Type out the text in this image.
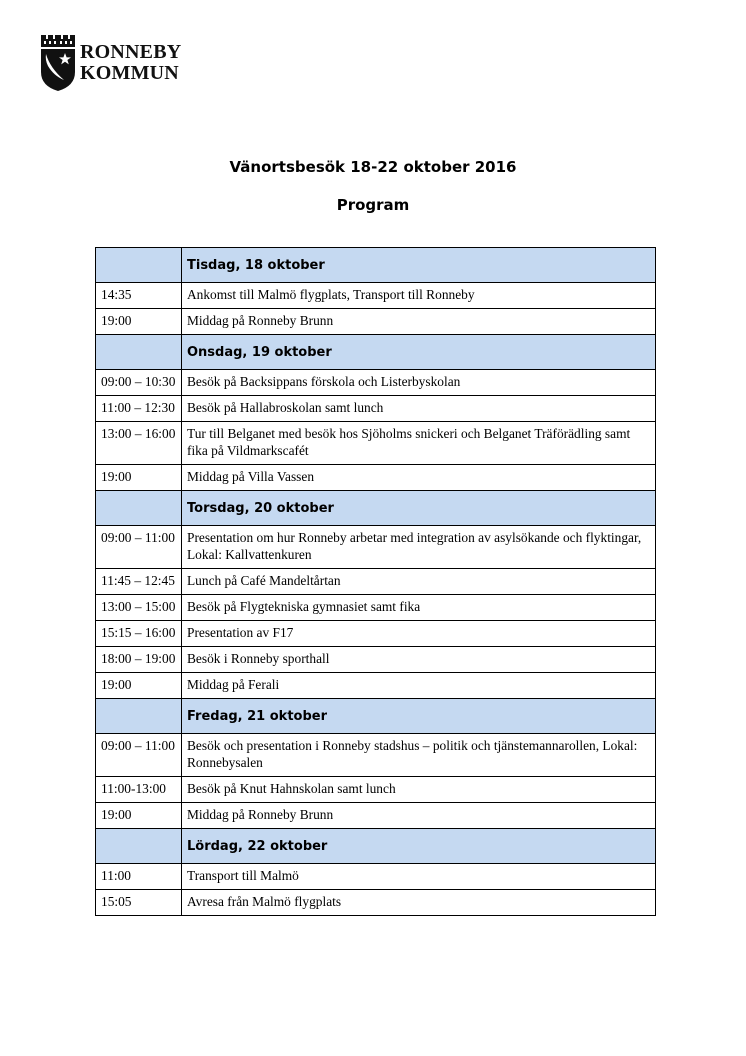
RONNEBY
KOMMUN
Vänortsbesök 18-22 oktober 2016
Program
	Tisdag, 18 oktober
14:35	Ankomst till Malmö flygplats, Transport till Ronneby
19:00	Middag på Ronneby Brunn
	Onsdag, 19 oktober
09:00 – 10:30	Besök på Backsippans förskola och Listerbyskolan
11:00 – 12:30	Besök på Hallabroskolan samt lunch
13:00 – 16:00	Tur till Belganet med besök hos Sjöholms snickeri och Belganet Träförädling samt fika på Vildmarkscafét
19:00	Middag på Villa Vassen
	Torsdag, 20 oktober
09:00 – 11:00	Presentation om hur Ronneby arbetar med integration av asylsökande och flyktingar, Lokal: Kallvattenkuren
11:45 – 12:45	Lunch på Café Mandeltårtan
13:00 – 15:00	Besök på Flygtekniska gymnasiet samt fika
15:15 – 16:00	Presentation av F17
18:00 – 19:00	Besök i Ronneby sporthall
19:00	Middag på Ferali
	Fredag, 21 oktober
09:00 – 11:00	Besök och presentation i Ronneby stadshus – politik och tjänstemannarollen, Lokal: Ronnebysalen
11:00-13:00	Besök på Knut Hahnskolan samt lunch
19:00	Middag på Ronneby Brunn
	Lördag, 22 oktober
11:00	Transport till Malmö
15:05	Avresa från Malmö flygplats
